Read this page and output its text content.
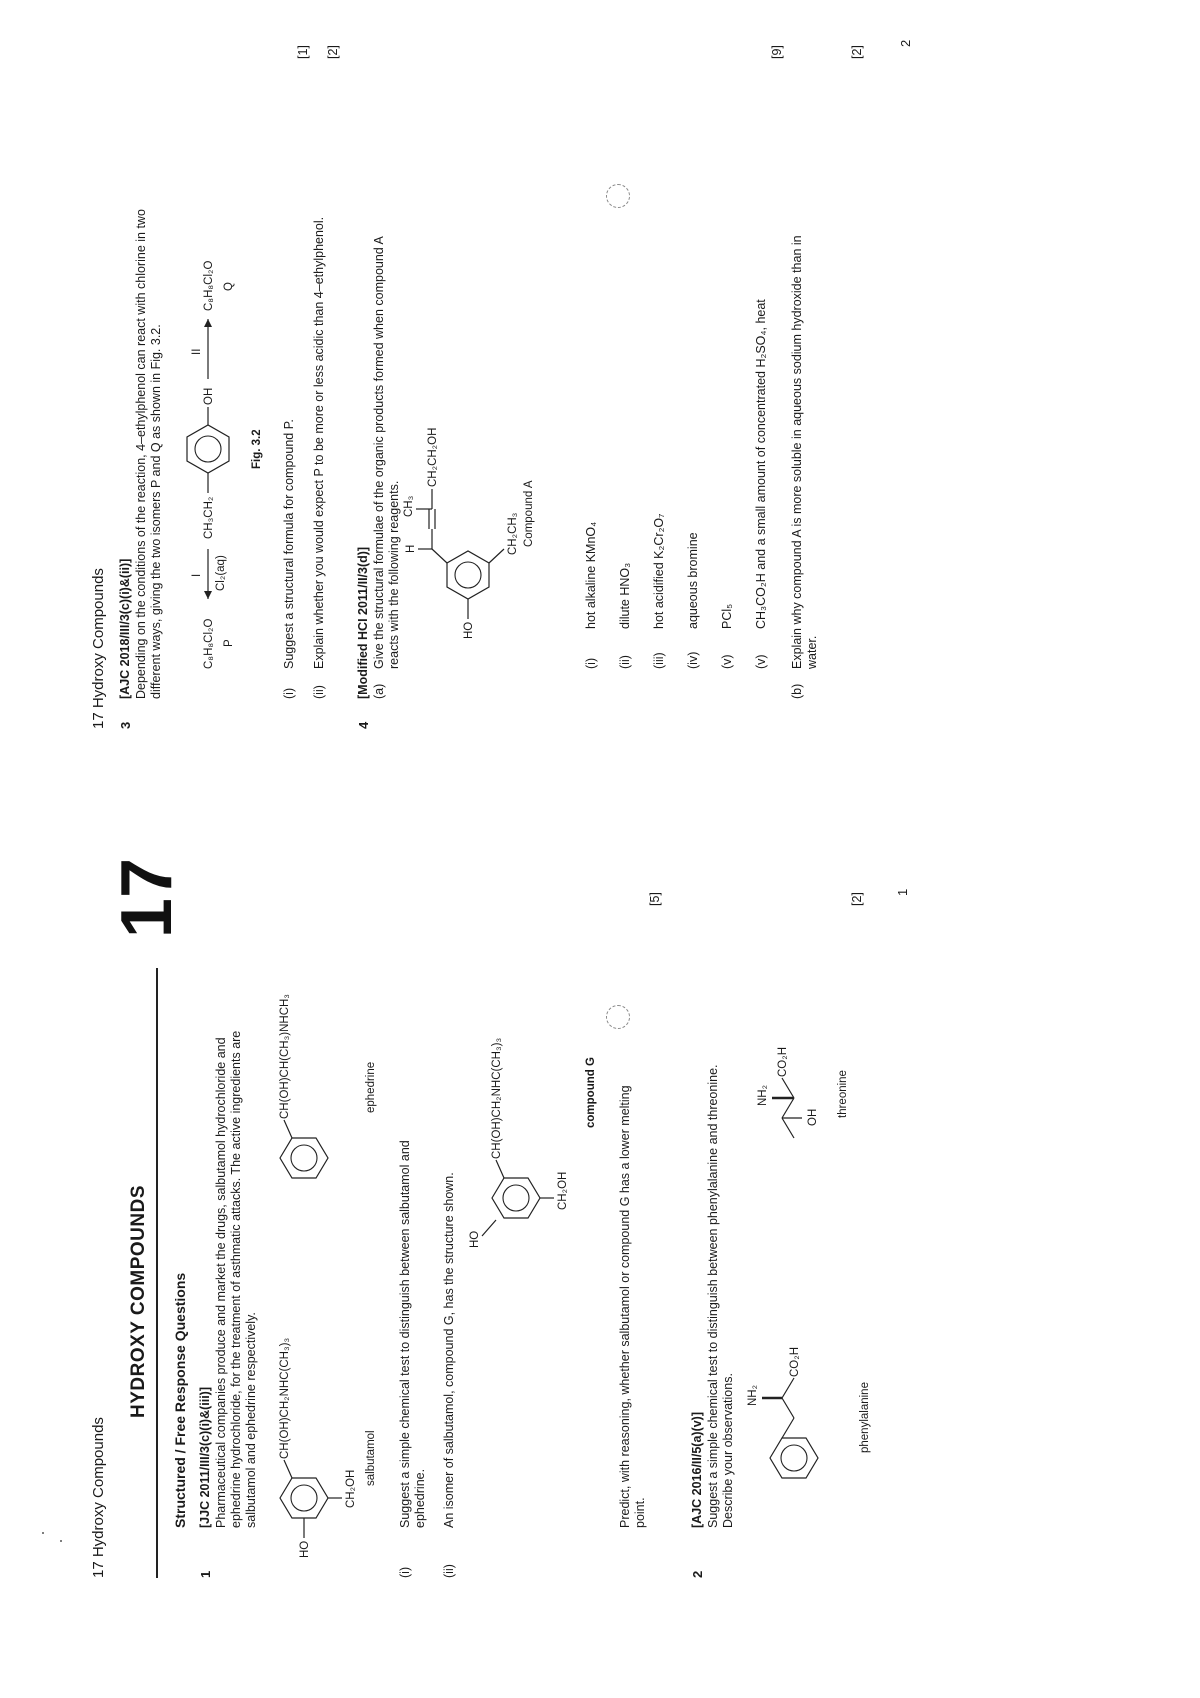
17 Hydroxy Compounds
HYDROXY COMPOUNDS
17
Structured / Free Response Questions
1
[JJC 2011/III/3(c)(i)&(iii)] Pharmaceutical companies produce and market the drugs, salbutamol hydrochloride and ephedrine hydrochloride, for the treatment of asthmatic attacks. The active ingredients are salbutamol and ephedrine respectively.
HO
CH(OH)CH₂NHC(CH₃)₃
CH₂OH
salbutamol
CH(OH)CH(CH₃)NHCH₃	ephedrine
(i)
Suggest a simple chemical test to distinguish between salbutamol and ephedrine.
(ii)
An isomer of salbutamol, compound G, has the structure shown. HO
CH(OH)CH₂NHC(CH₃)₃
CH₂OH
compound G Predict, with reasoning, whether salbutamol or compound G has a lower melting point.
[5]
2
[AJC 2016/II/5(a)(v)] Suggest a simple chemical test to distinguish between phenylalanine and threonine. Describe your observations. NH₂
CO₂H
phenylalanine
OH
NH₂
CO₂H
threonine
[2] 1
17 Hydroxy Compounds 3
[AJC 2018/III/3(c)(i)&(ii)] Depending on the conditions of the reaction, 4–ethylphenol can react with chlorine in two different ways, giving the two isomers P and Q as shown in Fig. 3.2.	C₈H₈Cl₂O P
I Cl₂(aq)
CH₃CH₂
OH
II
C₈H₈Cl₂O Q
Fig. 3.2
(i)
Suggest a structural formula for compound P.
[1]
(ii)
Explain whether you would expect P to be more or less acidic than 4–ethylphenol.
[2]
4
[Modified HCI 2011/II/3(d)] (a)
Give the structural formulae of the organic products formed when compound A reacts with the following reagents.	HO
H
CH₃
CH₂CH₂OH
CH₂CH₃ Compound A
(i)
hot alkaline KMnO₄
(ii)
dilute HNO₃
(iii)
hot acidified K₂Cr₂O₇
(iv)
aqueous bromine
(v)
PCl₅
(v)
CH₃CO₂H and a small amount of concentrated H₂SO₄, heat
[9]
(b)
Explain why compound A is more soluble in aqueous sodium hydroxide than in water.
[2]
2
